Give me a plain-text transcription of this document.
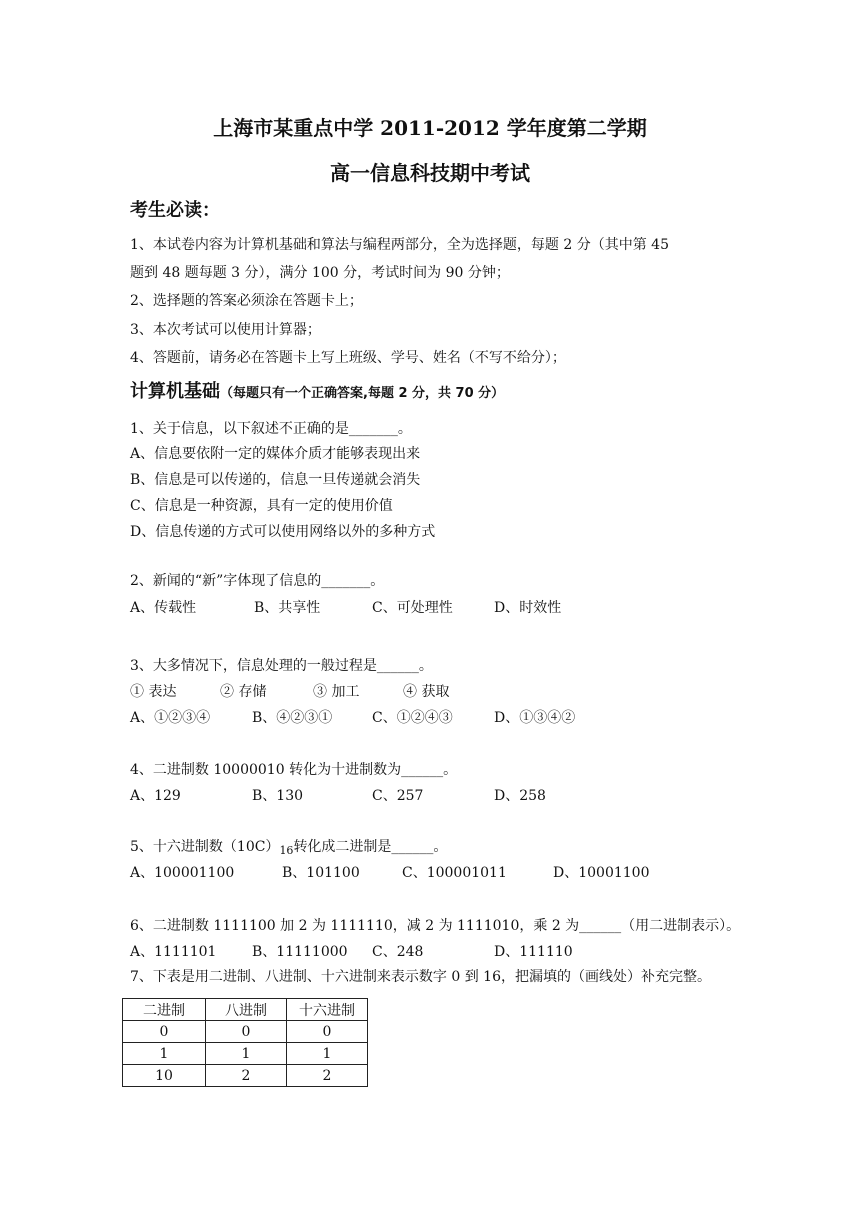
上海市某重点中学 2011-2012 学年度第二学期
高一信息科技期中考试
考生必读：
1、本试卷内容为计算机基础和算法与编程两部分，全为选择题，每题 2 分（其中第 45
题到 48 题每题 3 分），满分 100 分，考试时间为 90 分钟；
2、选择题的答案必须涂在答题卡上；
3、本次考试可以使用计算器；
4、答题前，请务必在答题卡上写上班级、学号、姓名（不写不给分）；
计算机基础（每题只有一个正确答案,每题 2 分，共 70 分）
1、关于信息，以下叙述不正确的是_______。
A、信息要依附一定的媒体介质才能够表现出来
B、信息是可以传递的，信息一旦传递就会消失
C、信息是一种资源，具有一定的使用价值
D、信息传递的方式可以使用网络以外的多种方式
2、新闻的“新”字体现了信息的_______。
A、传载性	B、共享性	C、可处理性	D、时效性
3、大多情况下，信息处理的一般过程是______。
① 表达	② 存储	③ 加工	④ 获取
A、①②③④	B、④②③①	C、①②④③	D、①③④②
4、二进制数 10000010 转化为十进制数为______。
A、129	B、130	C、257	D、258
5、十六进制数$(10C)_{16}$转化成二进制是______。
A、100001100	B、101100	C、100001011	D、10001100
6、二进制数 1111100 加 2 为 1111110，减 2 为 1111010，乘 2 为______（用二进制表示）。
A、1111101	B、11111000 C、248	D、111110
7、下表是用二进制、八进制、十六进制来表示数字 0 到 16，把漏填的（画线处）补充完整。
二进制	八进制	十六进制
0	0	0
1	1	1
10	2	2
